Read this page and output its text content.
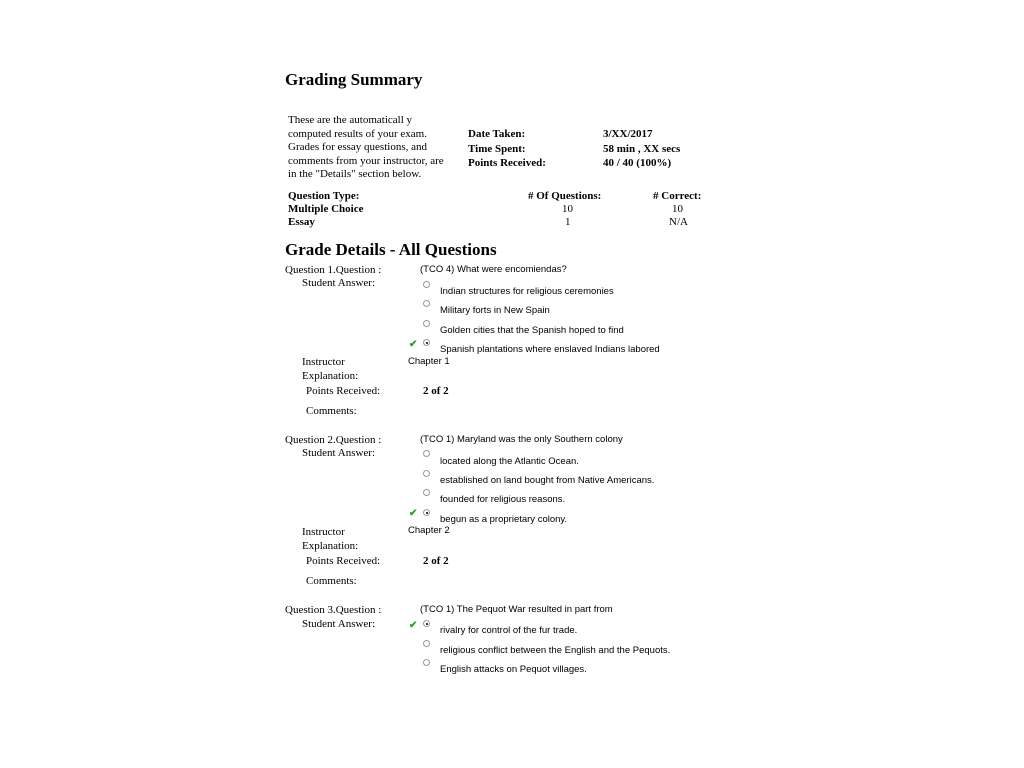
Grading Summary
These are the automaticall y
computed results of your exam.
Grades for essay questions, and
comments from your instructor, are
in the "Details" section below.
Date Taken:	3/XX/2017
Time Spent:	58 min , XX secs
Points Received:	40 / 40 (100%)
Question Type:	# Of Questions:	# Correct:
Multiple Choice	10	10
Essay	1	N/A
Grade Details - All Questions
Question 1.Question :
Student Answer:
(TCO 4) What were encomiendas?
Indian structures for religious ceremonies
Military forts in New Spain
Golden cities that the Spanish hoped to find
✔ Spanish plantations where enslaved Indians labored
Instructor
Explanation:
Chapter 1
Points Received:	2 of 2
Comments:
Question 2.Question :
Student Answer:
(TCO 1) Maryland was the only Southern colony
located along the Atlantic Ocean.
established on land bought from Native Americans.
founded for religious reasons.
✔
begun as a proprietary colony.
Instructor
Explanation:
Chapter 2
Points Received:	2 of 2
Comments:
Question 3.Question :
Student Answer:
(TCO 1) The Pequot War resulted in part from
✔ rivalry for control of the fur trade.
religious conflict between the English and the Pequots.
English attacks on Pequot villages.
